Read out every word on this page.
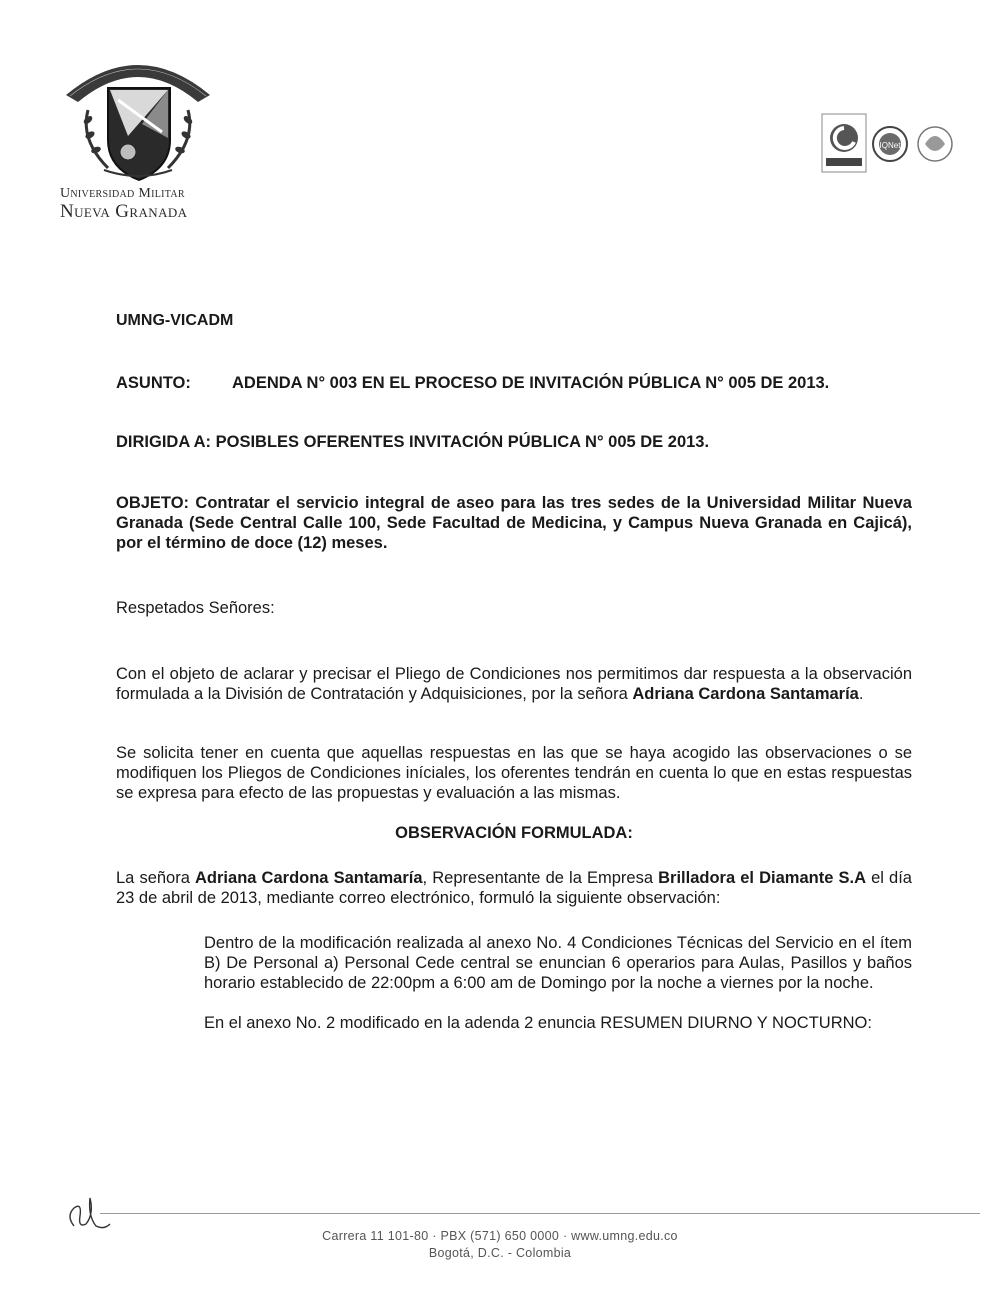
Universidad Militar
Nueva Granada
IQNet
UMNG-VICADM
ASUNTO: ADENDA N° 003 EN EL PROCESO DE INVITACIÓN PÚBLICA N° 005 DE 2013.
DIRIGIDA A: POSIBLES OFERENTES INVITACIÓN PÚBLICA N° 005 DE 2013.
OBJETO: Contratar el servicio integral de aseo para las tres sedes de la Universidad Militar Nueva Granada (Sede Central Calle 100, Sede Facultad de Medicina, y Campus Nueva Granada en Cajicá), por el término de doce (12) meses.
Respetados Señores:
Con el objeto de aclarar y precisar el Pliego de Condiciones nos permitimos dar respuesta a la observación formulada a la División de Contratación y Adquisiciones, por la señora Adriana Cardona Santamaría.
Se solicita tener en cuenta que aquellas respuestas en las que se haya acogido las observaciones o se modifiquen los Pliegos de Condiciones iníciales, los oferentes tendrán en cuenta lo que en estas respuestas se expresa para efecto de las propuestas y evaluación a las mismas.
OBSERVACIÓN FORMULADA:
La señora Adriana Cardona Santamaría, Representante de la Empresa Brilladora el Diamante S.A el día 23 de abril de 2013, mediante correo electrónico, formuló la siguiente observación:
Dentro de la modificación realizada al anexo No. 4 Condiciones Técnicas del Servicio en el ítem B) De Personal a) Personal Cede central se enuncian 6 operarios para Aulas, Pasillos y baños horario establecido de 22:00pm a 6:00 am de Domingo por la noche a viernes por la noche.
En el anexo No. 2 modificado en la adenda 2 enuncia RESUMEN DIURNO Y NOCTURNO:
Carrera 11 101-80 · PBX (571) 650 0000 · www.umng.edu.co
Bogotá, D.C. - Colombia
